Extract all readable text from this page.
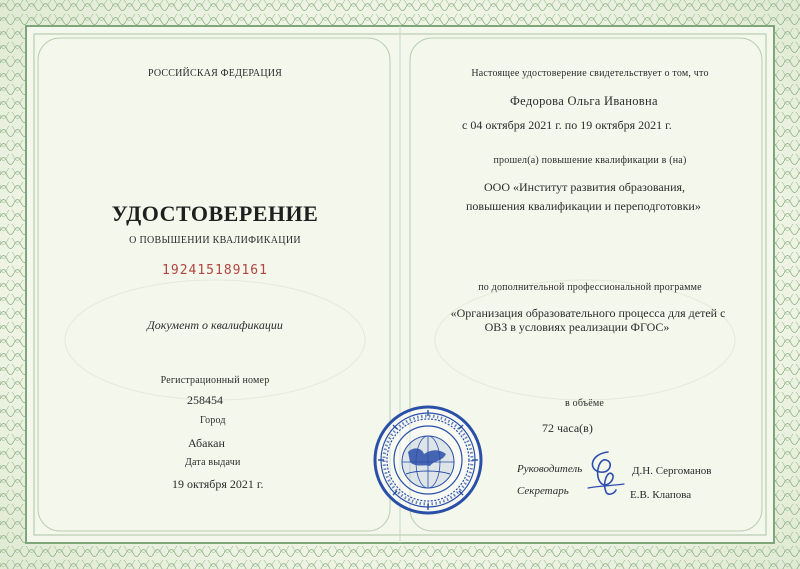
РОССИЙСКАЯ ФЕДЕРАЦИЯ
УДОСТОВЕРЕНИЕ
О ПОВЫШЕНИИ КВАЛИФИКАЦИИ
192415189161
Документ о квалификации
Регистрационный номер
258454
Город
Абакан
Дата выдачи
19 октября 2021 г.
Настоящее удостоверение свидетельствует о том, что
Федорова Ольга Ивановна
с 04 октября 2021 г. по 19 октября 2021 г.
прошел(а) повышение квалификации в (на)
ООО «Институт развития образования,
повышения квалификации и переподготовки»
по дополнительной профессиональной программе
«Организация образовательного процесса для детей с
ОВЗ в условиях реализации ФГОС»
в объёме
72 часа(в)
Руководитель	Д.Н. Сергоманов
Секретарь	Е.В. Клапова
